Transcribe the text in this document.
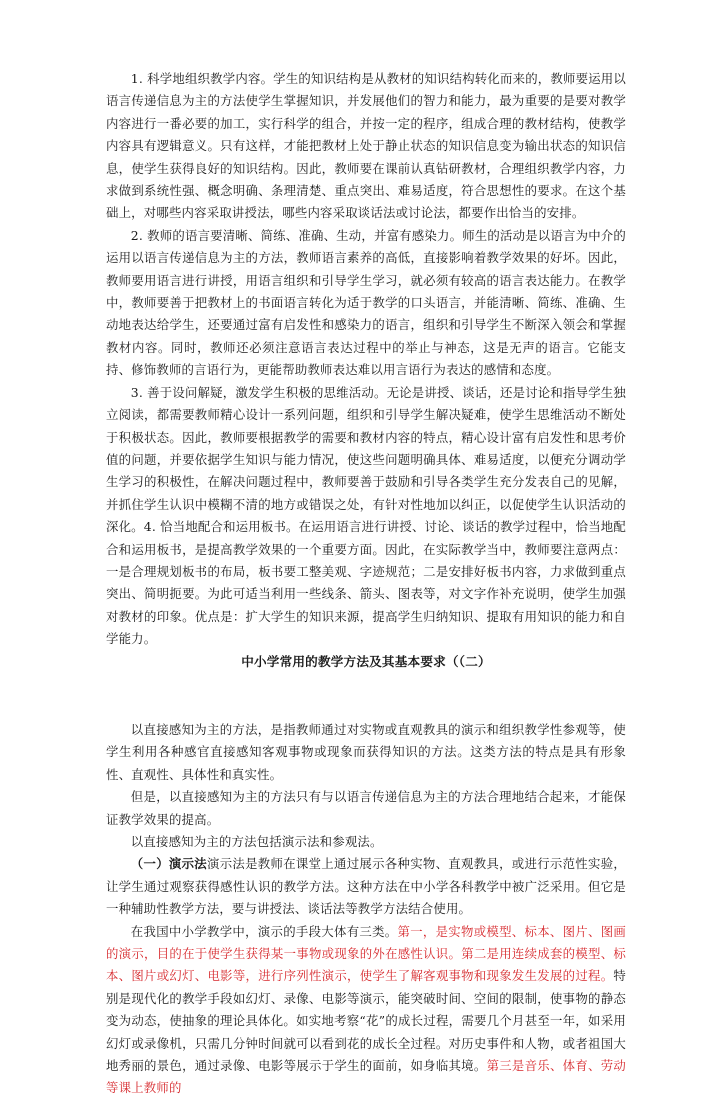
1. 科学地组织教学内容。学生的知识结构是从教材的知识结构转化而来的，教师要运用以语言传递信息为主的方法使学生掌握知识，并发展他们的智力和能力，最为重要的是要对教学内容进行一番必要的加工，实行科学的组合，并按一定的程序，组成合理的教材结构，使教学内容具有逻辑意义。只有这样，才能把教材上处于静止状态的知识信息变为输出状态的知识信息，使学生获得良好的知识结构。因此，教师要在课前认真钻研教材，合理组织教学内容，力求做到系统性强、概念明确、条理清楚、重点突出、难易适度，符合思想性的要求。在这个基础上，对哪些内容采取讲授法，哪些内容采取谈话法或讨论法，都要作出恰当的安排。

2. 教师的语言要清晰、简练、准确、生动，并富有感染力。师生的活动是以语言为中介的运用以语言传递信息为主的方法，教师语言素养的高低，直接影响着教学效果的好坏。因此，教师要用语言进行讲授，用语言组织和引导学生学习，就必须有较高的语言表达能力。在教学中，教师要善于把教材上的书面语言转化为适于教学的口头语言，并能清晰、简练、准确、生动地表达给学生，还要通过富有启发性和感染力的语言，组织和引导学生不断深入领会和掌握教材内容。同时，教师还必须注意语言表达过程中的举止与神态，这是无声的语言。它能支持、修饰教师的言语行为，更能帮助教师表达难以用言语行为表达的感情和态度。

3. 善于设问解疑，激发学生积极的思维活动。无论是讲授、谈话，还是讨论和指导学生独立阅读，都需要教师精心设计一系列问题，组织和引导学生解决疑难，使学生思维活动不断处于积极状态。因此，教师要根据教学的需要和教材内容的特点，精心设计富有启发性和思考价值的问题，并要依据学生知识与能力情况，使这些问题明确具体、难易适度，以便充分调动学生学习的积极性，在解决问题过程中，教师要善于鼓励和引导各类学生充分发表自己的见解，并抓住学生认识中模糊不清的地方或错误之处，有针对性地加以纠正，以促使学生认识活动的深化。4. 恰当地配合和运用板书。在运用语言进行讲授、讨论、谈话的教学过程中，恰当地配合和运用板书，是提高教学效果的一个重要方面。因此，在实际教学当中，教师要注意两点：一是合理规划板书的布局，板书要工整美观、字迹规范；二是安排好板书内容，力求做到重点突出、简明扼要。为此可适当利用一些线条、箭头、图表等，对文字作补充说明，使学生加强对教材的印象。优点是：扩大学生的知识来源，提高学生归纳知识、提取有用知识的能力和自学能力。

中小学常用的教学方法及其基本要求（（二）

以直接感知为主的方法，是指教师通过对实物或直观教具的演示和组织教学性参观等，使学生利用各种感官直接感知客观事物或现象而获得知识的方法。这类方法的特点是具有形象性、直观性、具体性和真实性。

但是，以直接感知为主的方法只有与以语言传递信息为主的方法合理地结合起来，才能保证教学效果的提高。

以直接感知为主的方法包括演示法和参观法。

（一）演示法演示法是教师在课堂上通过展示各种实物、直观教具，或进行示范性实验，让学生通过观察获得感性认识的教学方法。这种方法在中小学各科教学中被广泛采用。但它是一种辅助性教学方法，要与讲授法、谈话法等教学方法结合使用。

在我国中小学教学中，演示的手段大体有三类。第一，是实物或模型、标本、图片、图画的演示，目的在于使学生获得某一事物或现象的外在感性认识。第二是用连续成套的模型、标本、图片或幻灯、电影等，进行序列性演示，使学生了解客观事物和现象发生发展的过程。特别是现代化的教学手段如幻灯、录像、电影等演示，能突破时间、空间的限制，使事物的静态变为动态，使抽象的理论具体化。如实地考察“花”的成长过程，需要几个月甚至一年，如采用幻灯或录像机，只需几分钟时间就可以看到花的成长全过程。对历史事件和人物，或者祖国大地秀丽的景色，通过录像、电影等展示于学生的面前，如身临其境。第三是音乐、体育、劳动等课上教师的
